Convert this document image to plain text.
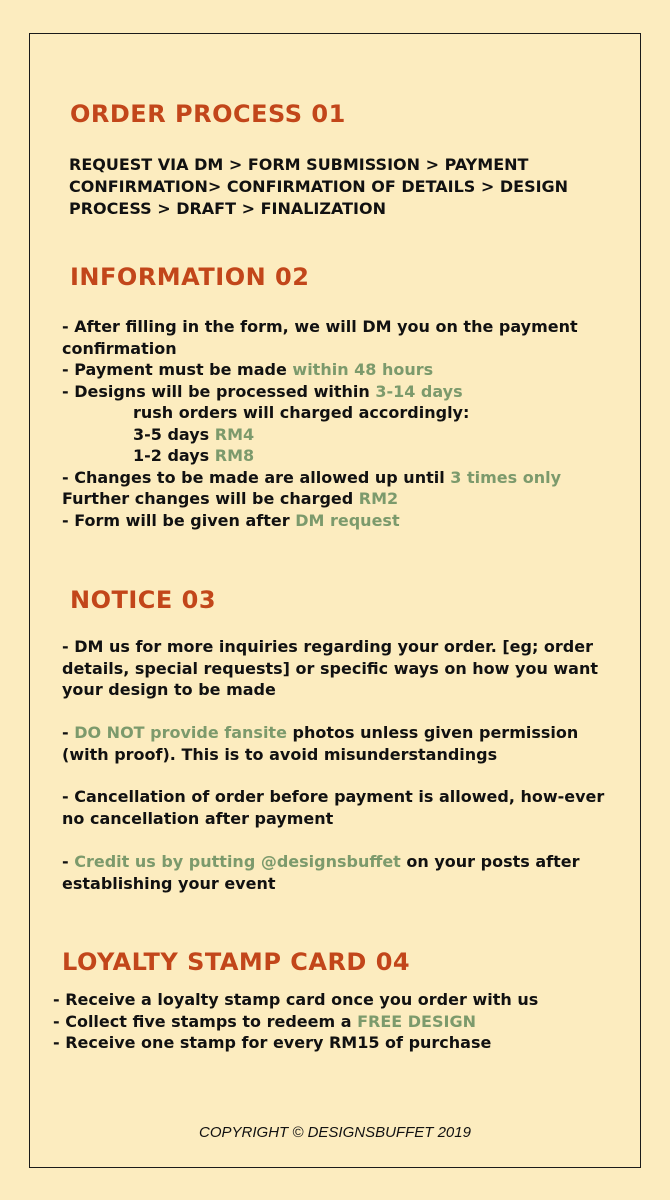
ORDER PROCESS 01

REQUEST VIA DM > FORM SUBMISSION > PAYMENT CONFIRMATION> CONFIRMATION OF DETAILS > DESIGN PROCESS > DRAFT > FINALIZATION

INFORMATION 02
- After filling in the form, we will DM you on the payment confirmation
- Payment must be made within 48 hours
- Designs will be processed within 3-14 days
rush orders will charged accordingly:
3-5 days RM4
1-2 days RM8
- Changes to be made are allowed up until 3 times only
Further changes will be charged RM2
- Form will be given after DM request
NOTICE 03

- DM us for more inquiries regarding your order. [eg; order details, special requests] or specific ways on how you want your design to be made

- DO NOT provide fansite photos unless given permission (with proof). This is to avoid misunderstandings

- Cancellation of order before payment is allowed, how-ever no cancellation after payment

- Credit us by putting @designsbuffet on your posts after establishing your event

LOYALTY STAMP CARD 04
- Receive a loyalty stamp card once you order with us
- Collect five stamps to redeem a FREE DESIGN
- Receive one stamp for every RM15 of purchase
COPYRIGHT © DESIGNSBUFFET 2019
